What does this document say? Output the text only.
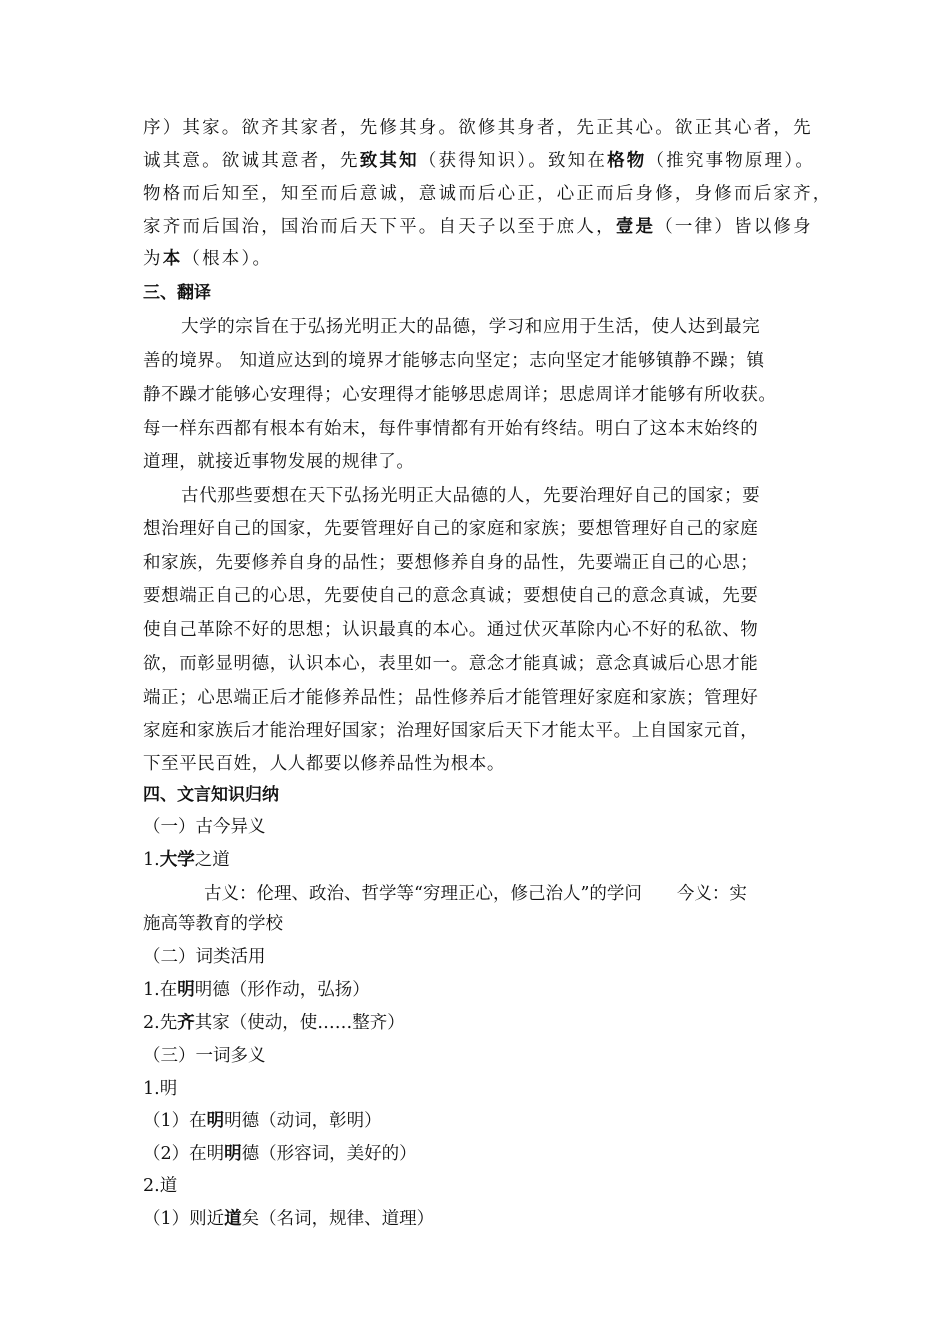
序）其家。欲齐其家者，先修其身。欲修其身者，先正其心。欲正其心者，先
诚其意。欲诚其意者，先致其知（获得知识）。致知在格物（推究事物原理）。
物格而后知至，知至而后意诚，意诚而后心正，心正而后身修，身修而后家齐，
家齐而后国治，国治而后天下平。自天子以至于庶人，壹是（一律）皆以修身
为本（根本）。
三、翻译
大学的宗旨在于弘扬光明正大的品德，学习和应用于生活，使人达到最完
善的境界。 知道应达到的境界才能够志向坚定；志向坚定才能够镇静不躁；镇
静不躁才能够心安理得；心安理得才能够思虑周详；思虑周详才能够有所收获。
每一样东西都有根本有始末，每件事情都有开始有终结。明白了这本末始终的
道理，就接近事物发展的规律了。
古代那些要想在天下弘扬光明正大品德的人，先要治理好自己的国家；要
想治理好自己的国家，先要管理好自己的家庭和家族；要想管理好自己的家庭
和家族，先要修养自身的品性；要想修养自身的品性，先要端正自己的心思；
要想端正自己的心思，先要使自己的意念真诚；要想使自己的意念真诚，先要
使自己革除不好的思想；认识最真的本心。通过伏灭革除内心不好的私欲、物
欲，而彰显明德，认识本心，表里如一。意念才能真诚；意念真诚后心思才能
端正；心思端正后才能修养品性；品性修养后才能管理好家庭和家族；管理好
家庭和家族后才能治理好国家；治理好国家后天下才能太平。上自国家元首，
下至平民百姓，人人都要以修养品性为根本。
四、文言知识归纳
（一）古今异义
1.大学之道
古义：伦理、政治、哲学等“穷理正心，修己治人”的学问　　今义：实
施高等教育的学校
（二）词类活用
1.在明明德（形作动，弘扬）
2.先齐其家（使动，使……整齐）
（三）一词多义
1.明
（1）在明明德（动词，彰明）
（2）在明明德（形容词，美好的）
2.道
（1）则近道矣（名词，规律、道理）
